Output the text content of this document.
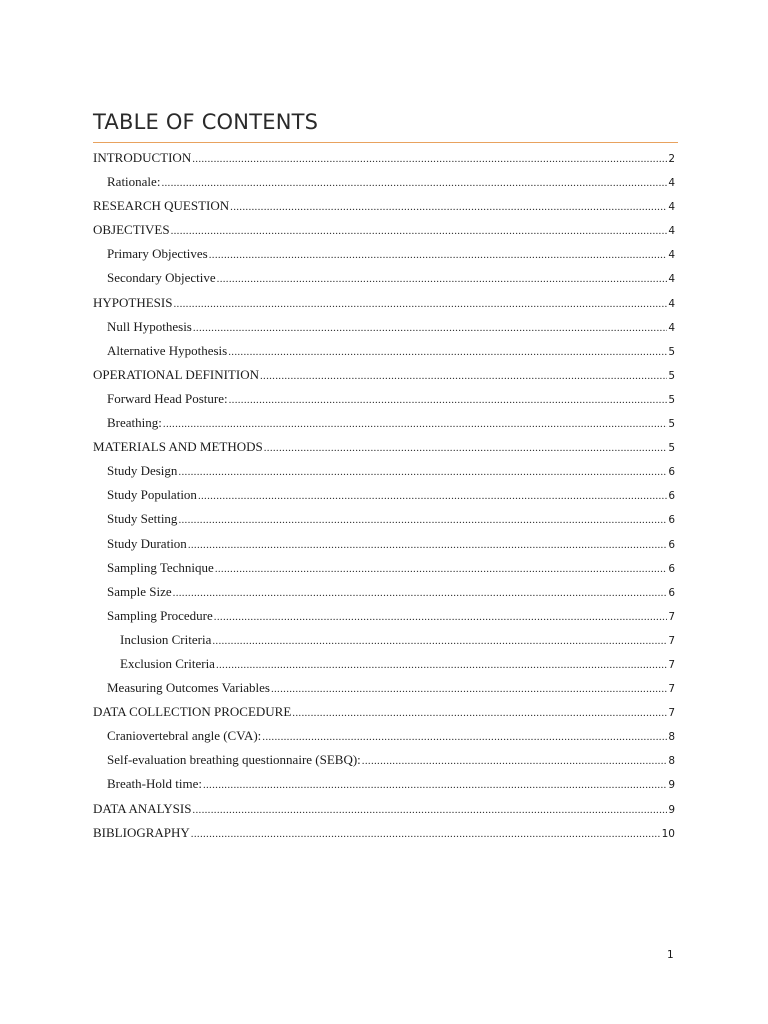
TABLE OF CONTENTS
INTRODUCTION .....	2
Rationale: .....	4
RESEARCH QUESTION .....	4
OBJECTIVES .....	4
Primary Objectives .....	4
Secondary Objective .....	4
HYPOTHESIS .....	4
Null Hypothesis .....	4
Alternative Hypothesis .....	5
OPERATIONAL DEFINITION .....	5
Forward Head Posture: .....	5
Breathing: .....	5
MATERIALS AND METHODS .....	5
Study Design .....	6
Study Population .....	6
Study Setting .....	6
Study Duration .....	6
Sampling Technique .....	6
Sample Size .....	6
Sampling Procedure .....	7
Inclusion Criteria .....	7
Exclusion Criteria .....	7
Measuring Outcomes Variables .....	7
DATA COLLECTION PROCEDURE .....	7
Craniovertebral angle (CVA): .....	8
Self-evaluation breathing questionnaire (SEBQ): .....	8
Breath-Hold time: .....	9
DATA ANALYSIS .....	9
BIBLIOGRAPHY .....	10
1
